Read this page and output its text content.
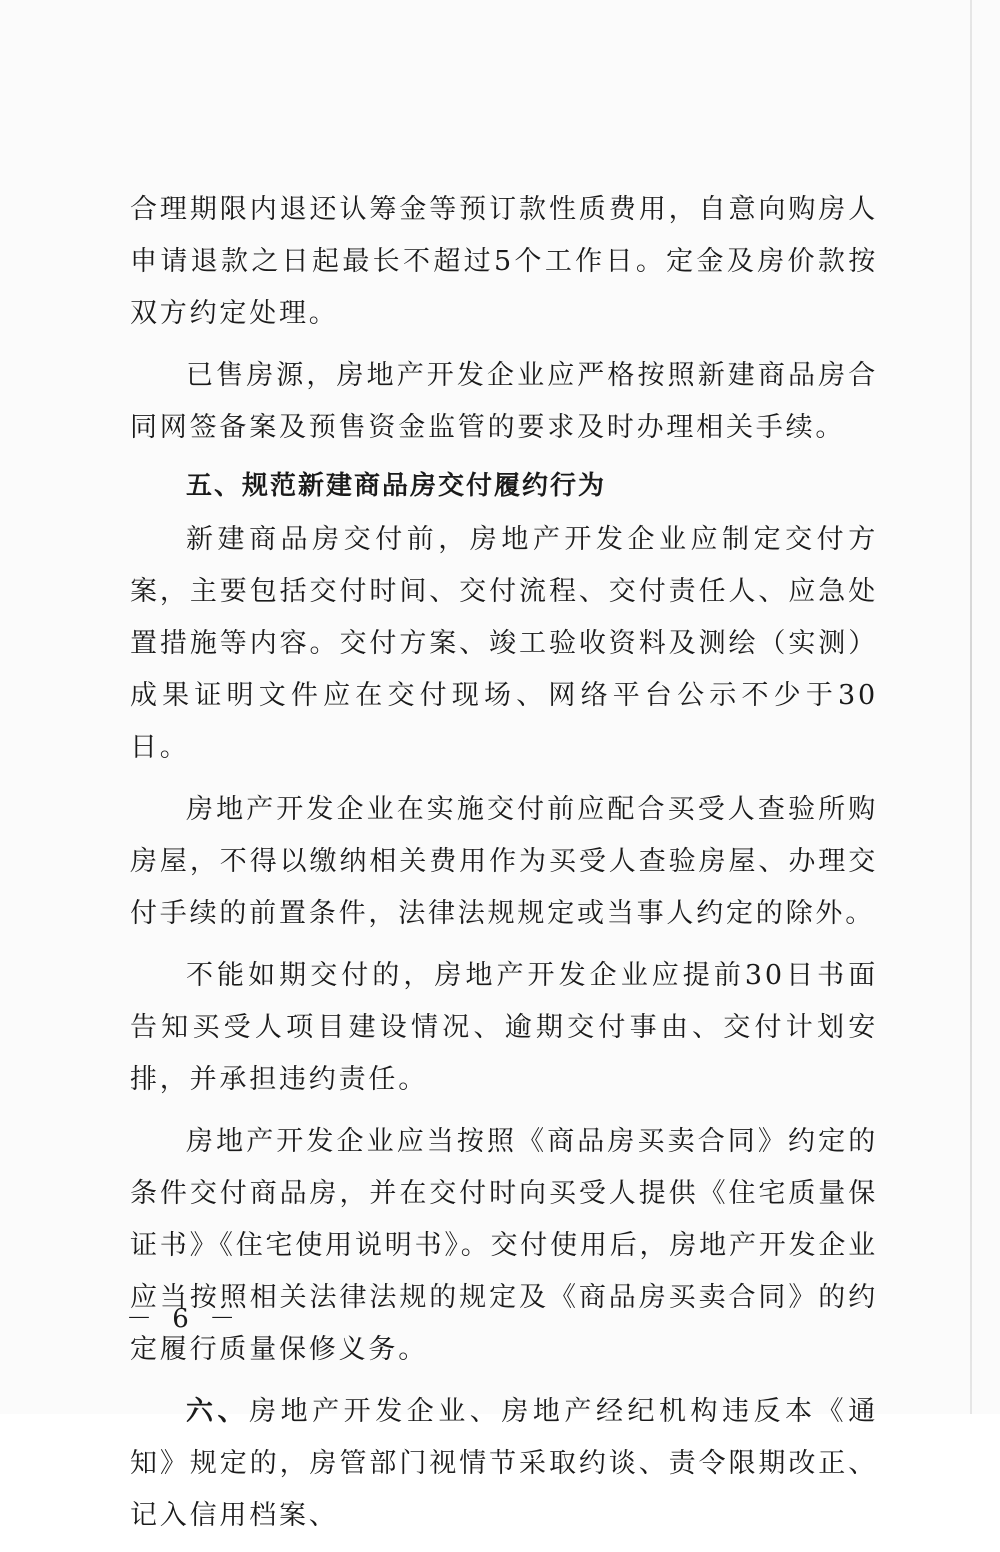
合理期限内退还认筹金等预订款性质费用，自意向购房人申请退款之日起最长不超过5个工作日。定金及房价款按双方约定处理。

已售房源，房地产开发企业应严格按照新建商品房合同网签备案及预售资金监管的要求及时办理相关手续。

五、规范新建商品房交付履约行为

新建商品房交付前，房地产开发企业应制定交付方案，主要包括交付时间、交付流程、交付责任人、应急处置措施等内容。交付方案、竣工验收资料及测绘（实测）成果证明文件应在交付现场、网络平台公示不少于30日。

房地产开发企业在实施交付前应配合买受人查验所购房屋，不得以缴纳相关费用作为买受人查验房屋、办理交付手续的前置条件，法律法规规定或当事人约定的除外。

不能如期交付的，房地产开发企业应提前30日书面告知买受人项目建设情况、逾期交付事由、交付计划安排，并承担违约责任。

房地产开发企业应当按照《商品房买卖合同》约定的条件交付商品房，并在交付时向买受人提供《住宅质量保证书》《住宅使用说明书》。交付使用后，房地产开发企业应当按照相关法律法规的规定及《商品房买卖合同》的约定履行质量保修义务。

六、房地产开发企业、房地产经纪机构违反本《通知》规定的，房管部门视情节采取约谈、责令限期改正、记入信用档案、

－ 6 －
